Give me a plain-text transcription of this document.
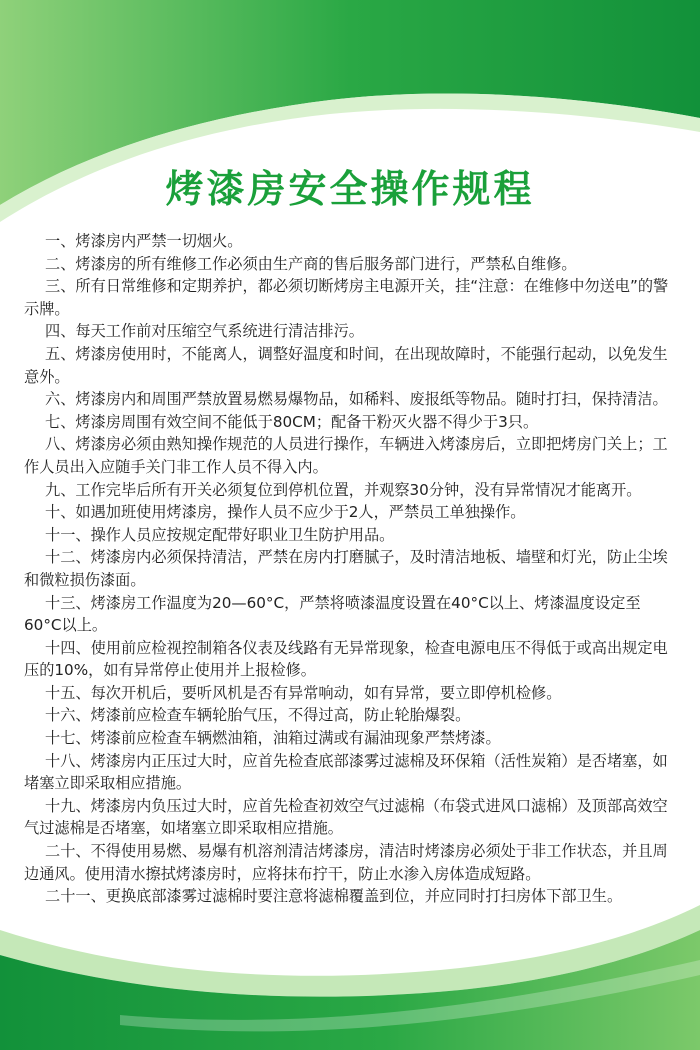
烤漆房安全操作规程

一、烤漆房内严禁一切烟火。

二、烤漆房的所有维修工作必须由生产商的售后服务部门进行，严禁私自维修。

三、所有日常维修和定期养护，都必须切断烤房主电源开关，挂“注意：在维修中勿送电”的警示牌。

四、每天工作前对压缩空气系统进行清洁排污。

五、烤漆房使用时，不能离人，调整好温度和时间，在出现故障时，不能强行起动，以免发生意外。

六、烤漆房内和周围严禁放置易燃易爆物品，如稀料、废报纸等物品。随时打扫，保持清洁。

七、烤漆房周围有效空间不能低于80CM；配备干粉灭火器不得少于3只。

八、烤漆房必须由熟知操作规范的人员进行操作，车辆进入烤漆房后，立即把烤房门关上；工作人员出入应随手关门非工作人员不得入内。

九、工作完毕后所有开关必须复位到停机位置，并观察30分钟，没有异常情况才能离开。

十、如遇加班使用烤漆房，操作人员不应少于2人，严禁员工单独操作。

十一、操作人员应按规定配带好职业卫生防护用品。

十二、烤漆房内必须保持清洁，严禁在房内打磨腻子，及时清洁地板、墙壁和灯光，防止尘埃和微粒损伤漆面。

十三、烤漆房工作温度为20—60°C，严禁将喷漆温度设置在40°C以上、烤漆温度设定至60°C以上。

十四、使用前应检视控制箱各仪表及线路有无异常现象，检查电源电压不得低于或高出规定电压的10%，如有异常停止使用并上报检修。

十五、每次开机后，要听风机是否有异常响动，如有异常，要立即停机检修。

十六、烤漆前应检查车辆轮胎气压，不得过高，防止轮胎爆裂。

十七、烤漆前应检查车辆燃油箱，油箱过满或有漏油现象严禁烤漆。

十八、烤漆房内正压过大时，应首先检查底部漆雾过滤棉及环保箱（活性炭箱）是否堵塞，如堵塞立即采取相应措施。

十九、烤漆房内负压过大时，应首先检查初效空气过滤棉（布袋式进风口滤棉）及顶部高效空气过滤棉是否堵塞，如堵塞立即采取相应措施。

二十、不得使用易燃、易爆有机溶剂清洁烤漆房，清洁时烤漆房必须处于非工作状态，并且周边通风。使用清水擦拭烤漆房时，应将抹布拧干，防止水渗入房体造成短路。

二十一、更换底部漆雾过滤棉时要注意将滤棉覆盖到位，并应同时打扫房体下部卫生。
